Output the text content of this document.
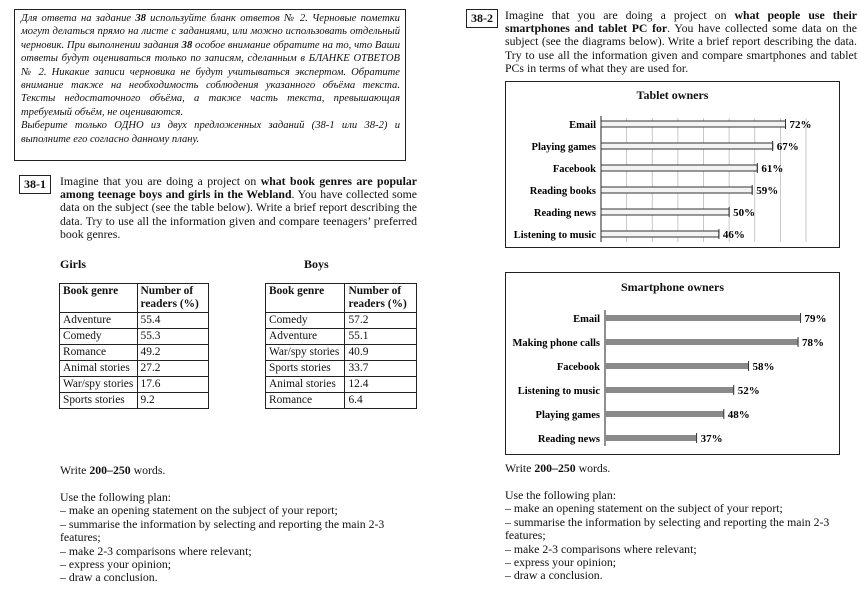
Для ответа на задание 38 используйте бланк ответов № 2. Черновые пометки могут делаться прямо на листе с заданиями, или можно использовать отдельный черновик. При выполнении задания 38 особое внимание обратите на то, что Ваши ответы будут оцениваться только по записям, сделанным в БЛАНКЕ ОТВЕТОВ № 2. Никакие записи черновика не будут учитываться экспертом. Обратите внимание также на необходимость соблюдения указанного объёма текста. Тексты недостаточного объёма, а также часть текста, превышающая требуемый объём, не оцениваются.
Выберите только ОДНО из двух предложенных заданий (38-1 или 38-2) и выполните его согласно данному плану.
38-1	Imagine that you are doing a project on what book genres are popular among teenage boys and girls in the Webland. You have collected some data on the subject (see the table below). Write a brief report describing the data. Try to use all the information given and compare teenagers’ preferred book genres.
Girls	Boys
Book genre	Number of readers (%)
Adventure	55.4
Comedy	55.3
Romance	49.2
Animal stories	27.2
War/spy stories	17.6
Sports stories	9.2
Book genre	Number of readers (%)
Comedy	57.2
Adventure	55.1
War/spy stories	40.9
Sports stories	33.7
Animal stories	12.4
Romance	6.4
Write 200–250 words.
Use the following plan:
– make an opening statement on the subject of your report;
– summarise the information by selecting and reporting the main 2-3 features;
– make 2-3 comparisons where relevant;
– express your opinion;
– draw a conclusion.
38-2	Imagine that you are doing a project on what people use their smartphones and tablet PC for. You have collected some data on the subject (see the diagrams below). Write a brief report describing the data. Try to use all the information given and compare smartphones and tablet PCs in terms of what they are used for.
Tablet owners
Email	72%
Playing games	67%
Facebook	61%
Reading books	59%
Reading news	50%
Listening to music	46%
Smartphone owners
Email	79%
Making phone calls	78%
Facebook	58%
Listening to music	52%
Playing games	48%
Reading news	37%
Write 200–250 words.
Use the following plan:
– make an opening statement on the subject of your report;
– summarise the information by selecting and reporting the main 2-3 features;
– make 2-3 comparisons where relevant;
– express your opinion;
– draw a conclusion.
